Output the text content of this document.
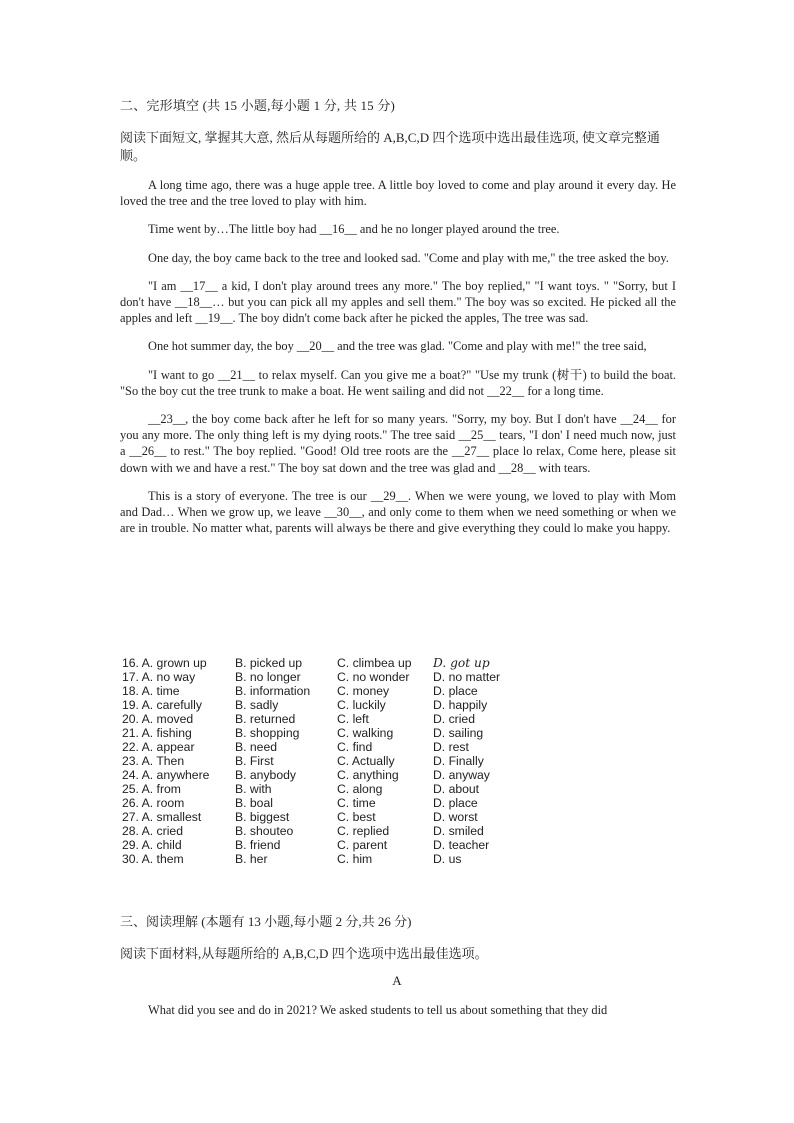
二、完形填空 (共 15 小题,每小题 1 分, 共 15 分)
阅读下面短文, 掌握其大意, 然后从每题所给的 A,B,C,D 四个选项中选出最佳选项, 使文章完整通顺。

A long time ago, there was a huge apple tree. A little boy loved to come and play around it every day. He loved the tree and the tree loved to play with him.

Time went by…The little boy had __16__ and he no longer played around the tree.

One day, the boy came back to the tree and looked sad. "Come and play with me," the tree asked the boy.

"I am __17__ a kid, I don't play around trees any more." The boy replied," "I want toys. " "Sorry, but I don't have __18__… but you can pick all my apples and sell them." The boy was so excited. He picked all the apples and left __19__. The boy didn't come back after he picked the apples, The tree was sad.

One hot summer day, the boy __20__ and the tree was glad. "Come and play with me!" the tree said,

"I want to go __21__ to relax myself. Can you give me a boat?" "Use my trunk (树干) to build the boat. "So the boy cut the tree trunk to make a boat. He went sailing and did not __22__ for a long time.

__23__, the boy come back after he left for so many years. "Sorry, my boy. But I don't have __24__ for you any more. The only thing left is my dying roots." The tree said __25__ tears, "I don' I need much now, just a __26__ to rest." The boy replied. "Good! Old tree roots are the __27__ place lo relax, Come here, please sit down with we and have a rest." The boy sat down and the tree was glad and __28__ with tears.

This is a story of everyone. The tree is our __29__. When we were young, we loved to play with Mom and Dad… When we grow up, we leave __30__, and only come to them when we need something or when we are in trouble. No matter what, parents will always be there and give everything they could lo make you happy.

16. A. grown up	B. picked up	C. climbea up	D. got up
17. A. no way	B. no longer	C. no wonder	D. no matter
18. A. time	B. information	C. money	D. place
19. A. carefully	B. sadly	C. luckily	D. happily
20. A. moved	B. returned	C. left	D. cried
21. A. fishing	B. shopping	C. walking	D. sailing
22. A. appear	B. need	C. find	D. rest
23. A. Then	B. First	C. Actually	D. Finally
24. A. anywhere	B. anybody	C. anything	D. anyway
25. A. from	B. with	C. along	D. about
26. A. room	B. boal	C. time	D. place
27. A. smallest	B. biggest	C. best	D. worst
28. A. cried	B. shouteo	C. replied	D. smiled
29. A. child	B. friend	C. parent	D. teacher
30. A. them	B. her	C. him	D. us
三、阅读理解 (本题有 13 小题,每小题 2 分,共 26 分)
阅读下面材料,从每题所给的 A,B,C,D 四个选项中选出最佳选项。
A
What did you see and do in 2021? We asked students to tell us about something that they did
